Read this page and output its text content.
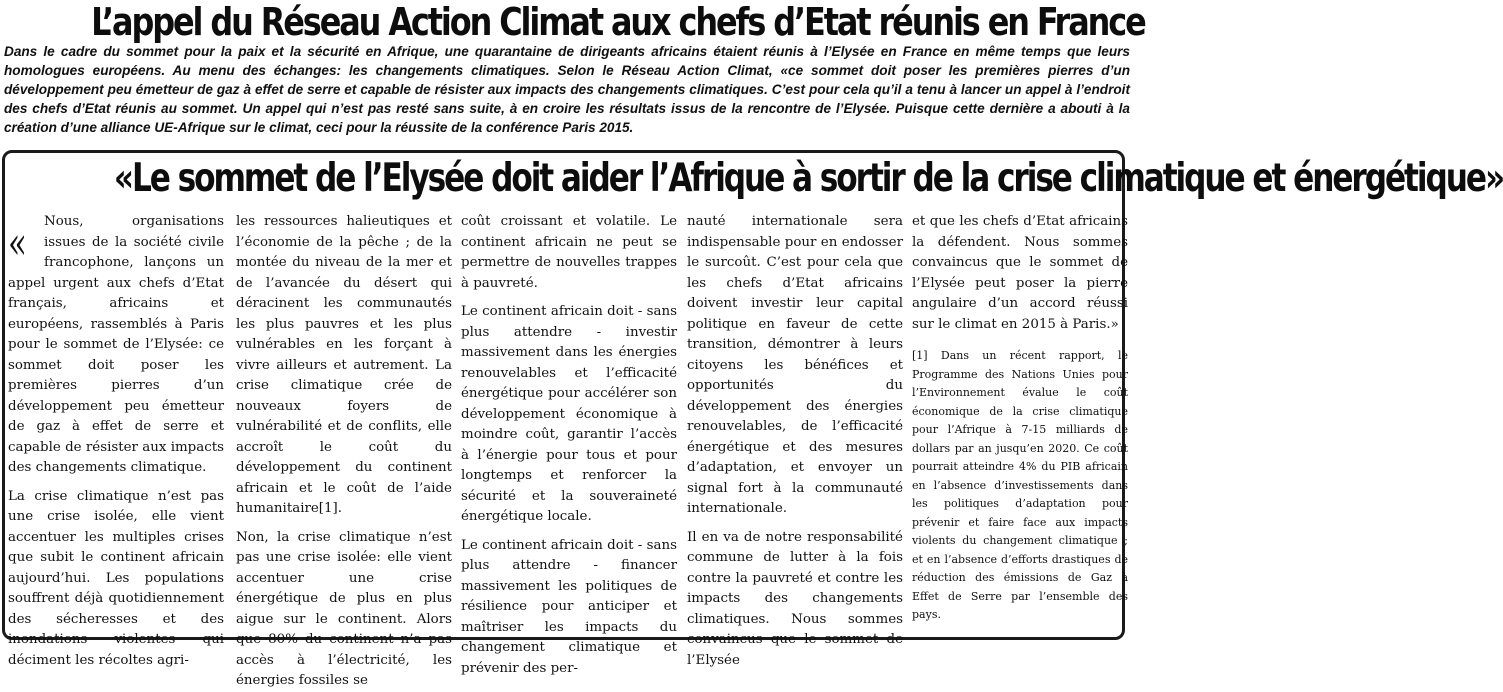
L’appel du Réseau Action Climat aux chefs d’Etat réunis en France

Dans le cadre du sommet pour la paix et la sécurité en Afrique, une quarantaine de dirigeants africains étaient réunis à l’Elysée en France en même temps que leurs homologues européens. Au menu des échanges: les changements climatiques. Selon le Réseau Action Climat, «ce sommet doit poser les premières pierres d’un développement peu émetteur de gaz à effet de serre et capable de résister aux impacts des changements climatiques. C’est pour cela qu’il a tenu à lancer un appel à l’endroit des chefs d’Etat réunis au sommet. Un appel qui n’est pas resté sans suite, à en croire les résultats issus de la rencontre de l’Elysée. Puisque cette dernière a abouti à la création d’une alliance UE-Afrique sur le climat, ceci pour la réussite de la conférence Paris 2015.

«Le sommet de l’Elysée doit aider l’Afrique à sortir de la crise climatique et énergétique»
«	Nous, organisations issues de la société civile francophone, lançons un appel urgent aux chefs d’Etat français, africains et européens, rassemblés à Paris pour le sommet de l’Elysée: ce sommet doit poser les premières pierres d’un développement peu émetteur de gaz à effet de serre et capable de résister aux impacts des changements climatique.

La crise climatique n’est pas une crise isolée, elle vient accentuer les multiples crises que subit le continent africain aujourd’hui. Les populations souffrent déjà quotidiennement des sécheresses et des inondations violentes qui déciment les récoltes agri-

les ressources halieutiques et l’économie de la pêche ; de la montée du niveau de la mer et de l’avancée du désert qui déracinent les communautés les plus pauvres et les plus vulnérables en les forçant à vivre ailleurs et autrement. La crise climatique crée de nouveaux foyers de vulnérabilité et de conflits, elle accroît le coût du développement du continent africain et le coût de l’aide humanitaire[1].

Non, la crise climatique n’est pas une crise isolée: elle vient accentuer une crise énergétique de plus en plus aigue sur le continent. Alors que 80% du continent n’a pas accès à l’électricité, les énergies fossiles se

coût croissant et volatile. Le continent africain ne peut se permettre de nouvelles trappes à pauvreté.

Le continent africain doit - sans plus attendre - investir massivement dans les énergies renouvelables et l’efficacité énergétique pour accélérer son développement économique à moindre coût, garantir l’accès à l’énergie pour tous et pour longtemps et renforcer la sécurité et la souveraineté énergétique locale.

Le continent africain doit - sans plus attendre - financer massivement les politiques de résilience pour anticiper et maîtriser les impacts du changement climatique et prévenir des per-

nauté internationale sera indispensable pour en endosser le surcoût. C’est pour cela que les chefs d’Etat africains doivent investir leur capital politique en faveur de cette transition, démontrer à leurs citoyens les bénéfices et opportunités du développement des énergies renouvelables, de l’efficacité énergétique et des mesures d’adaptation, et envoyer un signal fort à la communauté internationale.

Il en va de notre responsabilité commune de lutter à la fois contre la pauvreté et contre les impacts des changements climatiques. Nous sommes convaincus que le sommet de l’Elysée

et que les chefs d’Etat africains la défendent. Nous sommes convaincus que le sommet de l’Elysée peut poser la pierre angulaire d’un accord réussi sur le climat en 2015 à Paris.»

[1] Dans un récent rapport, le Programme des Nations Unies pour l’Environnement évalue le coût économique de la crise climatique pour l’Afrique à 7-15 milliards de dollars par an jusqu’en 2020. Ce coût pourrait atteindre 4% du PIB africain en l’absence d’investissements dans les politiques d’adaptation pour prévenir et faire face aux impacts violents du changement climatique ; et en l’absence d’efforts drastiques de réduction des émissions de Gaz à Effet de Serre par l’ensemble des pays.
